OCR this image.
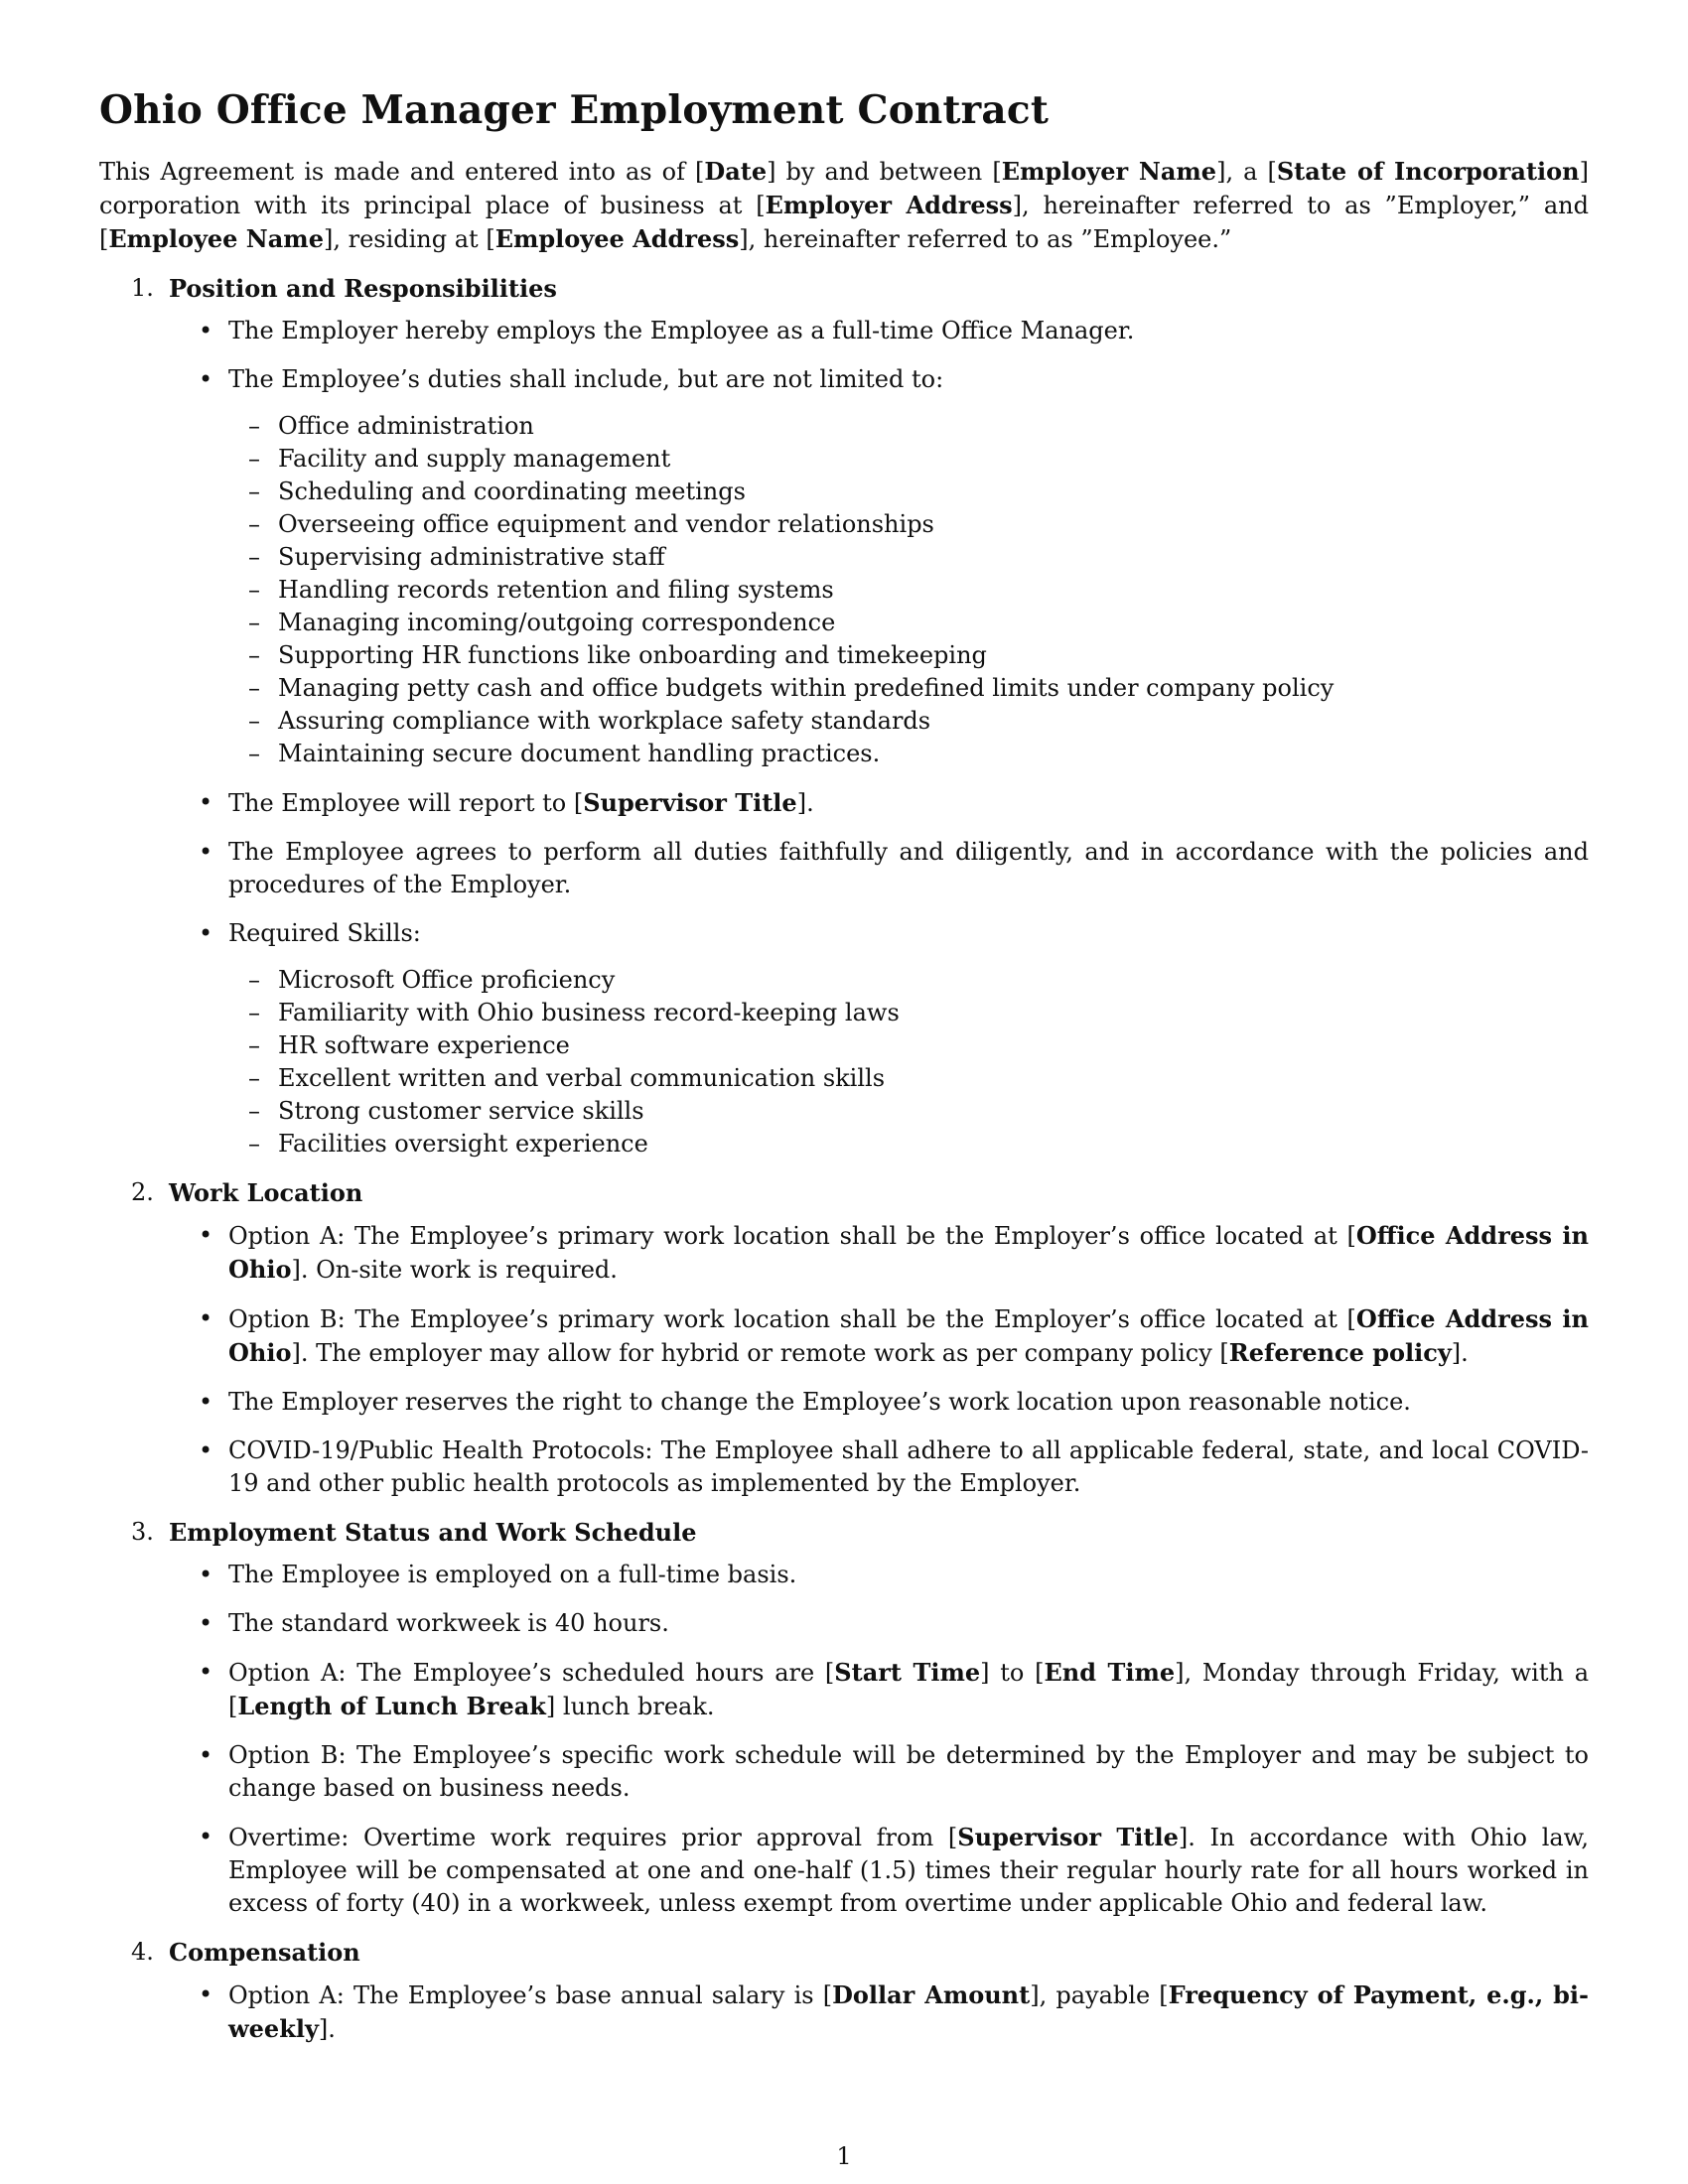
Ohio Office Manager Employment Contract

This Agreement is made and entered into as of [Date] by and between [Employer Name], a [State of Incorporation] corporation with its principal place of business at [Employer Address], hereinafter referred to as ”Employer,” and [Employee Name], residing at [Employee Address], hereinafter referred to as ”Employee.”

1. Position and Responsibilities
• The Employer hereby employs the Employee as a full-time Office Manager.
• The Employee’s duties shall include, but are not limited to:
– Office administration
– Facility and supply management
– Scheduling and coordinating meetings
– Overseeing office equipment and vendor relationships
– Supervising administrative staff
– Handling records retention and filing systems
– Managing incoming/outgoing correspondence
– Supporting HR functions like onboarding and timekeeping
– Managing petty cash and office budgets within predefined limits under company policy
– Assuring compliance with workplace safety standards
– Maintaining secure document handling practices.
• The Employee will report to [Supervisor Title].
• The Employee agrees to perform all duties faithfully and diligently, and in accordance with the policies and procedures of the Employer.
• Required Skills:
– Microsoft Office proficiency
– Familiarity with Ohio business record-keeping laws
– HR software experience
– Excellent written and verbal communication skills
– Strong customer service skills
– Facilities oversight experience
2. Work Location
• Option A: The Employee’s primary work location shall be the Employer’s office located at [Office Address in Ohio]. On-site work is required.
• Option B: The Employee’s primary work location shall be the Employer’s office located at [Office Address in Ohio]. The employer may allow for hybrid or remote work as per company policy [Reference policy].
• The Employer reserves the right to change the Employee’s work location upon reasonable notice.
• COVID-19/Public Health Protocols: The Employee shall adhere to all applicable federal, state, and local COVID-19 and other public health protocols as implemented by the Employer.
3. Employment Status and Work Schedule
• The Employee is employed on a full-time basis.
• The standard workweek is 40 hours.
• Option A: The Employee’s scheduled hours are [Start Time] to [End Time], Monday through Friday, with a [Length of Lunch Break] lunch break.
• Option B: The Employee’s specific work schedule will be determined by the Employer and may be subject to change based on business needs.
• Overtime: Overtime work requires prior approval from [Supervisor Title]. In accordance with Ohio law, Employee will be compensated at one and one-half (1.5) times their regular hourly rate for all hours worked in excess of forty (40) in a workweek, unless exempt from overtime under applicable Ohio and federal law.
4. Compensation
• Option A: The Employee’s base annual salary is [Dollar Amount], payable [Frequency of Payment, e.g., bi-weekly].
1
